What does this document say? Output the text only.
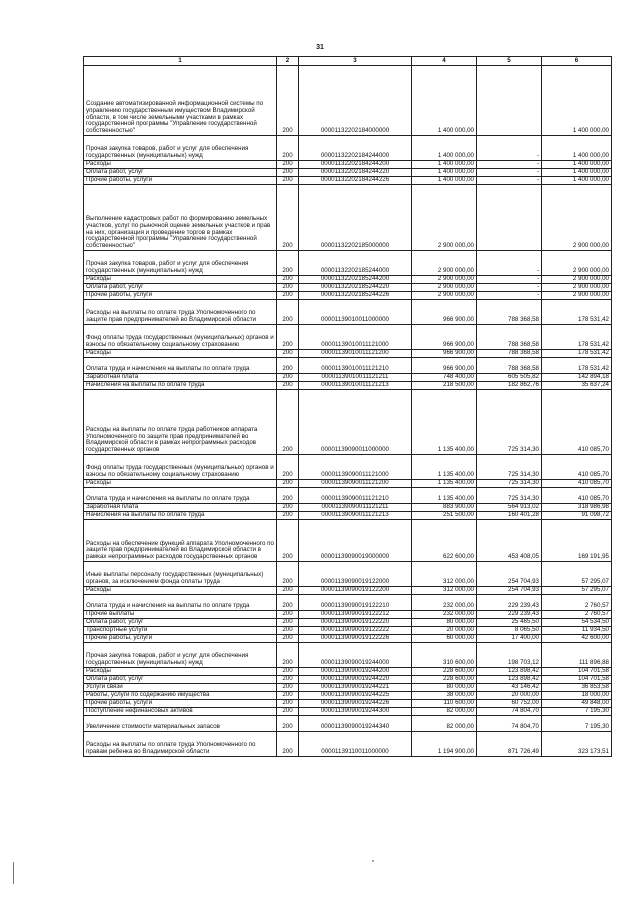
31
1	2	3	4	5	6
Создание автоматизированной информационной системы по управлению государственным имуществом Владимирской области, в том числе земельными участками в рамках государственной программы "Управление государственной собственностью"	200	00001132202184000000	1 400 000,00		1 400 000,00
Прочая закупка товаров, работ и услуг для обеспечения государственных (муниципальных) нужд	200	00001132202184244000	1 400 000,00	-	1 400 000,00
Расходы	200	00001132202184244200	1 400 000,00	-	1 400 000,00
Оплата работ, услуг	200	00001132202184244220	1 400 000,00	-	1 400 000,00
Прочие работы, услуги	200	00001132202184244226	1 400 000,00	-	1 400 000,00
Выполнение кадастровых работ по формированию земельных участков, услуг по рыночной оценке земельных участков и прав на них, организация и проведение торгов в рамках государственной программы "Управление государственной собственностью"	200	00001132202185000000	2 900 000,00		2 900 000,00
Прочая закупка товаров, работ и услуг для обеспечения государственных (муниципальных) нужд	200	00001132202185244000	2 900 000,00	-	2 900 000,00
Расходы	200	00001132202185244200	2 900 000,00	-	2 900 000,00
Оплата работ, услуг	200	00001132202185244220	2 900 000,00	-	2 900 000,00
Прочие работы, услуги	200	00001132202185244226	2 900 000,00	-	2 900 000,00
Расходы на выплаты по оплате труда Уполномоченного по защите прав предпринимателей во Владимирской области	200	00001139010011000000	966 900,00	788 368,58	178 531,42
Фонд оплаты труда государственных (муниципальных) органов и взносы по обязательному социальному страхованию	200	00001139010011121000	966 900,00	788 368,58	178 531,42
Расходы	200	00001139010011121200	966 900,00	788 368,58	178 531,42
Оплата труда и начисления на выплаты по оплате труда	200	00001139010011121210	966 900,00	788 368,58	178 531,42
Заработная плата	200	00001139010011121211	748 400,00	605 505,82	142 894,18
Начисления на выплаты по оплате труда	200	00001139010011121213	218 500,00	182 862,76	35 637,24
Расходы на выплаты по оплате труда работников аппарата Уполномоченного по защите прав предпринимателей во Владимирской области в рамках непрограммных расходов государственных органов	200	00001139090011000000	1 135 400,00	725 314,30	410 085,70
Фонд оплаты труда государственных (муниципальных) органов и взносы по обязательному социальному страхованию	200	00001139090011121000	1 135 400,00	725 314,30	410 085,70
Расходы	200	00001139090011121200	1 135 400,00	725 314,30	410 085,70
Оплата труда и начисления на выплаты по оплате труда	200	00001139090011121210	1 135 400,00	725 314,30	410 085,70
Заработная плата	200	00001139090011121211	883 900,00	564 913,02	318 986,98
Начисления на выплаты по оплате труда	200	00001139090011121213	251 500,00	160 401,28	91 098,72
Расходы на обеспечение функций аппарата Уполномоченного по защите прав предпринимателей во Владимирской области в рамках непрограммных расходов государственных органов	200	00001139090019000000	622 600,00	453 408,05	169 191,95
Иные выплаты персоналу государственных (муниципальных) органов, за исключением фонда оплаты труда	200	00001139090019122000	312 000,00	254 704,93	57 295,07
Расходы	200	00001139090019122200	312 000,00	254 704,93	57 295,07
Оплата труда и начисления на выплаты по оплате труда	200	00001139090019122210	232 000,00	229 239,43	2 760,57
Прочие выплаты	200	00001139090019122212	232 000,00	229 239,43	2 760,57
Оплата работ, услуг	200	00001139090019122220	80 000,00	25 465,50	54 534,50
Транспортные услуги	200	00001139090019122222	20 000,00	8 065,50	11 934,50
Прочие работы, услуги	200	00001139090019122226	60 000,00	17 400,00	42 600,00
Прочая закупка товаров, работ и услуг для обеспечения государственных (муниципальных) нужд	200	00001139090019244000	310 600,00	198 703,12	111 896,88
Расходы	200	00001139090019244200	228 600,00	123 898,42	104 701,58
Оплата работ, услуг	200	00001139090019244220	228 600,00	123 898,42	104 701,58
Услуги связи	200	00001139090019244221	80 000,00	43 146,42	36 853,58
Работы, услуги по содержанию имущества	200	00001139090019244225	38 000,00	20 000,00	18 000,00
Прочие работы, услуги	200	00001139090019244226	110 600,00	60 752,00	49 848,00
Поступление нефинансовых активов	200	00001139090019244300	82 000,00	74 804,70	7 195,30
Увеличение стоимости материальных запасов	200	00001139090019244340	82 000,00	74 804,70	7 195,30
Расходы на выплаты по оплате труда Уполномоченного по правам ребенка во Владимирской области	200	00001139110011000000	1 194 900,00	871 726,49	323 173,51
